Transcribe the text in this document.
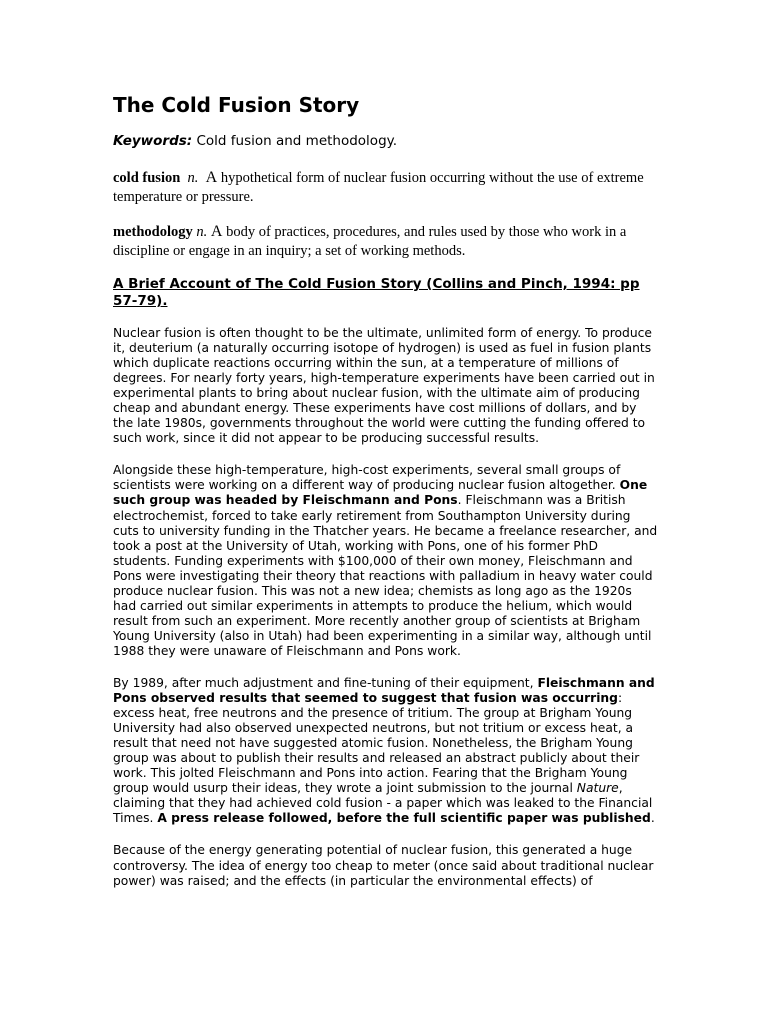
The Cold Fusion Story
Keywords: Cold fusion and methodology.
cold fusion n. A hypothetical form of nuclear fusion occurring without the use of extreme temperature or pressure.
methodology n. A body of practices, procedures, and rules used by those who work in a discipline or engage in an inquiry; a set of working methods.
A Brief Account of The Cold Fusion Story (Collins and Pinch, 1994: pp 57-79).

Nuclear fusion is often thought to be the ultimate, unlimited form of energy. To produce it, deuterium (a naturally occurring isotope of hydrogen) is used as fuel in fusion plants which duplicate reactions occurring within the sun, at a temperature of millions of degrees. For nearly forty years, high-temperature experiments have been carried out in experimental plants to bring about nuclear fusion, with the ultimate aim of producing cheap and abundant energy. These experiments have cost millions of dollars, and by the late 1980s, governments throughout the world were cutting the funding offered to such work, since it did not appear to be producing successful results.

Alongside these high-temperature, high-cost experiments, several small groups of scientists were working on a different way of producing nuclear fusion altogether. One such group was headed by Fleischmann and Pons. Fleischmann was a British electrochemist, forced to take early retirement from Southampton University during cuts to university funding in the Thatcher years. He became a freelance researcher, and took a post at the University of Utah, working with Pons, one of his former PhD students. Funding experiments with $100,000 of their own money, Fleischmann and Pons were investigating their theory that reactions with palladium in heavy water could produce nuclear fusion. This was not a new idea; chemists as long ago as the 1920s had carried out similar experiments in attempts to produce the helium, which would result from such an experiment. More recently another group of scientists at Brigham Young University (also in Utah) had been experimenting in a similar way, although until 1988 they were unaware of Fleischmann and Pons work.

By 1989, after much adjustment and fine-tuning of their equipment, Fleischmann and Pons observed results that seemed to suggest that fusion was occurring: excess heat, free neutrons and the presence of tritium. The group at Brigham Young University had also observed unexpected neutrons, but not tritium or excess heat, a result that need not have suggested atomic fusion. Nonetheless, the Brigham Young group was about to publish their results and released an abstract publicly about their work. This jolted Fleischmann and Pons into action. Fearing that the Brigham Young group would usurp their ideas, they wrote a joint submission to the journal Nature, claiming that they had achieved cold fusion - a paper which was leaked to the Financial Times. A press release followed, before the full scientific paper was published.

Because of the energy generating potential of nuclear fusion, this generated a huge controversy. The idea of energy too cheap to meter (once said about traditional nuclear power) was raised; and the effects (in particular the environmental effects) of
